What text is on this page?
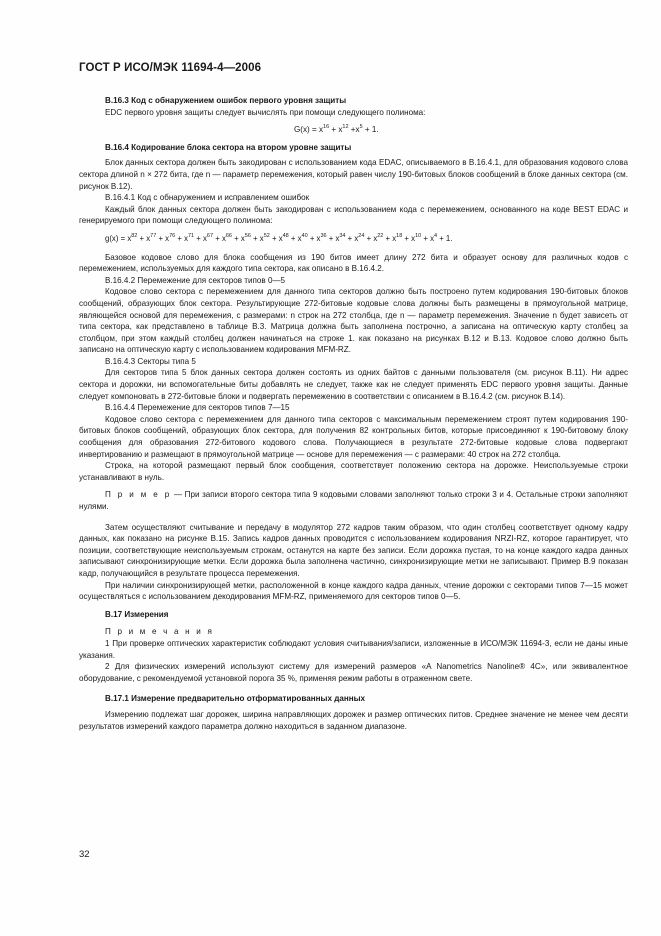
ГОСТ Р ИСО/МЭК 11694-4—2006

B.16.3 Код с обнаружением ошибок первого уровня защиты

EDC первого уровня защиты следует вычислять при помощи следующего полинома:

$G(x) = x^{16} + x^{12} +x^5 + 1$.

B.16.4 Кодирование блока сектора на втором уровне защиты

Блок данных сектора должен быть закодирован с использованием кода EDAC, описываемого в B.16.4.1, для образования кодового слова сектора длиной n × 272 бита, где n — параметр перемежения, который равен числу 190-битовых блоков сообщений в блоке данных сектора (см. рисунок B.12).

B.16.4.1 Код с обнаружением и исправлением ошибок

Каждый блок данных сектора должен быть закодирован с использованием кода с перемежением, основанного на коде BEST EDAC и генерируемого при помощи следующего полинома:

$g(x) = x^{82} + x^{77} + x^{76} + x^{71} + x^{67} + x^{66} + x^{56} + x^{52} + x^{48} + x^{40} + x^{36} + x^{34} + x^{24} + x^{22} + x^{18} + x^{10} + x^4 + 1$.

Базовое кодовое слово для блока сообщения из 190 битов имеет длину 272 бита и образует основу для различных кодов с перемежением, используемых для каждого типа сектора, как описано в B.16.4.2.

B.16.4.2 Перемежение для секторов типов 0—5

Кодовое слово сектора с перемежением для данного типа секторов должно быть построено путем кодирования 190-битовых блоков сообщений, образующих блок сектора. Результирующие 272-битовые кодовые слова должны быть размещены в прямоугольной матрице, являющейся основой для перемежения, с размерами: n строк на 272 столбца, где n — параметр перемежения. Значение n будет зависеть от типа сектора, как представлено в таблице B.3. Матрица должна быть заполнена построчно, а записана на оптическую карту столбец за столбцом, при этом каждый столбец должен начинаться на строке 1. как показано на рисунках B.12 и B.13. Кодовое слово должно быть записано на оптическую карту с использованием кодирования MFM-RZ.

B.16.4.3 Секторы типа 5

Для секторов типа 5 блок данных сектора должен состоять из одних байтов с данными пользователя (см. рисунок B.11). Ни адрес сектора и дорожки, ни вспомогательные биты добавлять не следует, также как не следует применять EDC первого уровня защиты. Данные следует компоновать в 272-битовые блоки и подвергать перемежению в соответствии с описанием в B.16.4.2 (см. рисунок B.14).

B.16.4.4 Перемежение для секторов типов 7—15

Кодовое слово сектора с перемежением для данного типа секторов с максимальным перемежением строят путем кодирования 190-битовых блоков сообщений, образующих блок сектора, для получения 82 контрольных битов, которые присоединяют к 190-битовому блоку сообщения для образования 272-битового кодового слова. Получающиеся в результате 272-битовые кодовые слова подвергают инвертированию и размещают в прямоугольной матрице — основе для перемежения — с размерами: 40 строк на 272 столбца.

Строка, на которой размещают первый блок сообщения, соответствует положению сектора на дорожке. Неиспользуемые строки устанавливают в нуль.

П р и м е р — При записи второго сектора типа 9 кодовыми словами заполняют только строки 3 и 4. Остальные строки заполняют нулями.

Затем осуществляют считывание и передачу в модулятор 272 кадров таким образом, что один столбец соответствует одному кадру данных, как показано на рисунке B.15. Запись кадров данных проводится с использованием кодирования NRZI-RZ, которое гарантирует, что позиции, соответствующие неиспользуемым строкам, останутся на карте без записи. Если дорожка пустая, то на конце каждого кадра данных записывают синхронизирующие метки. Если дорожка была заполнена частично, синхронизирующие метки не записывают. Пример B.9 показан кадр, получающийся в результате процесса перемежения.

При наличии синхронизирующей метки, расположенной в конце каждого кадра данных, чтение дорожки с секторами типов 7—15 может осуществляться с использованием декодирования MFM-RZ, применяемого для секторов типов 0—5.

B.17 Измерения

П р и м е ч а н и я

1 При проверке оптических характеристик соблюдают условия считывания/записи, изложенные в ИСО/МЭК 11694-3, если не даны иные указания.

2 Для физических измерений используют систему для измерений размеров «A Nanometrics Nanoline® 4C», или эквивалентное оборудование, с рекомендуемой установкой порога 35 %, применяя режим работы в отраженном свете.

B.17.1 Измерение предварительно отформатированных данных

Измерению подлежат шаг дорожек, ширина направляющих дорожек и размер оптических питов. Среднее значение не менее чем десяти результатов измерений каждого параметра должно находиться в заданном диапазоне.

32
